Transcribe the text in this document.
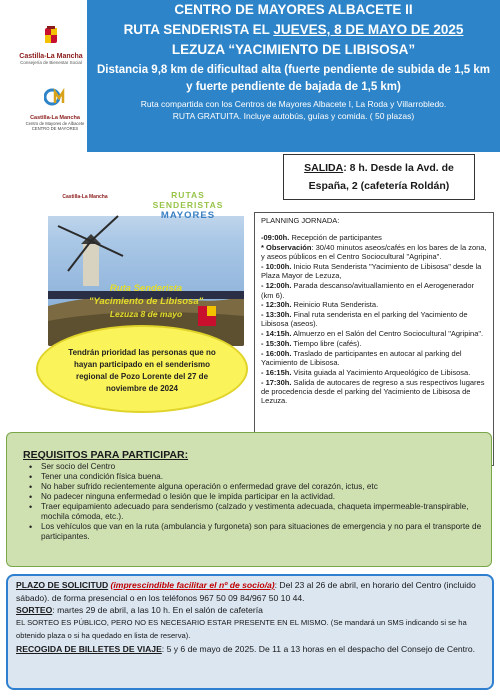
Castilla-La Mancha
Consejería de Bienestar Social
Castilla-La Mancha
Centro de Mayores de Albacete
CENTRO DE MAYORES
CENTRO DE MAYORES ALBACETE II
RUTA SENDERISTA EL JUEVES, 8 DE MAYO DE 2025
LEZUZA “YACIMIENTO DE LIBISOSA”
Distancia 9,8 km de dificultad alta (fuerte pendiente de subida de 1,5 km y fuerte pendiente de bajada de 1,5 km)
Ruta compartida con los Centros de Mayores Albacete I, La Roda y Villarrobledo.
RUTA GRATUITA. Incluye autobús, guías y comida. ( 50 plazas)
Castilla-La Mancha	RUTAS
SENDERISTAS
MAYORES
Ruta Senderista
"Yacimiento de Libisosa"
Lezuza 8 de mayo
SALIDA: 8 h. Desde la Avd. de España, 2 (cafetería Roldán)
PLANNING JORNADA:
-09:00h. Recepción de participantes
* Observación: 30/40 minutos aseos/cafés en los bares de la zona, y aseos públicos en el Centro Sociocultural "Agripina".
- 10:00h. Inicio Ruta Senderista "Yacimiento de Libisosa" desde la Plaza Mayor de Lezuza,
- 12:00h. Parada descanso/avituallamiento en el Aerogenerador (km 6).
- 12:30h. Reinicio Ruta Senderista.
- 13:30h. Final ruta senderista en el parking del Yacimiento de Libisosa (aseos).
- 14:15h. Almuerzo en el Salón del Centro Sociocultural "Agripina".
- 15:30h. Tiempo libre (cafés).
- 16:00h. Traslado de participantes en autocar al parking del Yacimiento de Libisosa.
- 16:15h. Visita guiada al Yacimiento Arqueológico de Libisosa.
- 17:30h. Salida de autocares de regreso a sus respectivos lugares de procedencia desde el parking del Yacimiento de Libisosa de Lezuza.
Tendrán prioridad las personas que no hayan participado en el senderismo regional de Pozo Lorente del 27 de noviembre de 2024
REQUISITOS PARA PARTICIPAR:
• Ser socio del Centro
• Tener una condición física buena.
• No haber sufrido recientemente alguna operación o enfermedad grave del corazón, ictus, etc
• No padecer ninguna enfermedad o lesión que le impida participar en la actividad.
• Traer equipamiento adecuado para senderismo (calzado y vestimenta adecuada, chaqueta impermeable-transpirable, mochila cómoda, etc.).
• Los vehículos que van en la ruta (ambulancia y furgoneta) son para situaciones de emergencia y no para el transporte de participantes.
PLAZO DE SOLICITUD (imprescindible facilitar el nº de socio/a): Del 23 al 26 de abril, en horario del Centro (incluido sábado). de forma presencial o en los teléfonos 967 50 09 84/967 50 10 44.
SORTEO: martes 29 de abril, a las 10 h. En el salón de cafetería
EL SORTEO ES PÚBLICO, PERO NO ES NECESARIO ESTAR PRESENTE EN EL MISMO. (Se mandará un SMS indicando si se ha obtenido plaza o si ha quedado en lista de reserva).
RECOGIDA DE BILLETES DE VIAJE: 5 y 6 de mayo de 2025. De 11 a 13 horas en el despacho del Consejo de Centro.
